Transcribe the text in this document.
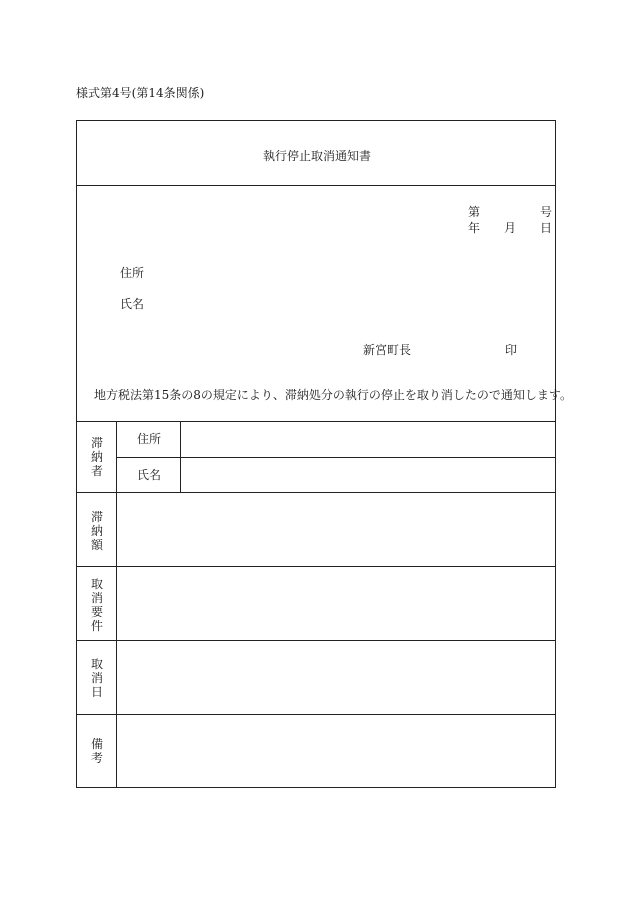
様式第4号(第14条関係)
執行停止取消通知書
第	号
年 月 日
住所
氏名
新宮町長	印
地方税法第15条の8の規定により、滞納処分の執行の停止を取り消したので通知します。
滞納者
住所
氏名
滞納額
取消要件
取消日
備考
